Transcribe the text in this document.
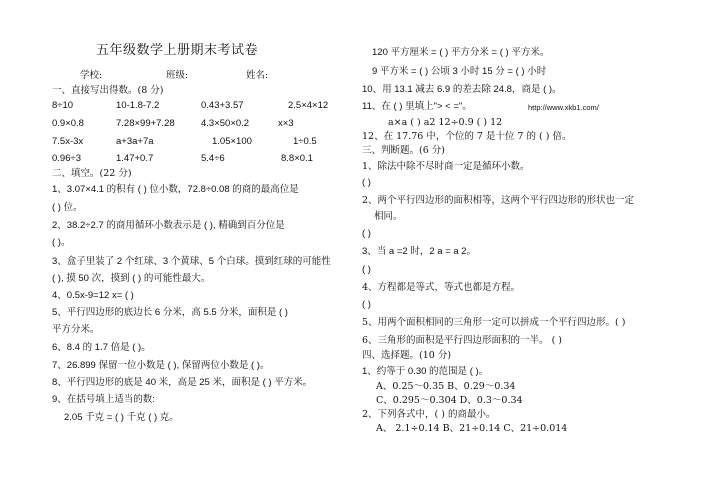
五年级数学上册期末考试卷
学校:	班级:	姓名:
一、直接写出得数。(8 分)
8÷10	10-1.8-7.2	0.43+3.57	2.5×4×12
0.9×0.8	7.28×99+7.28	4.3×50×0.2	x×3
7.5x-3x	a+3a+7a	1.05×100	1÷0.5
0.96÷3	1.47+0.7	5.4÷6	8.8×0.1
二、填空。(22 分)
1、3.07×4.1 的积有 ( ) 位小数，72.8÷0.08 的商的最高位是
( ) 位。
2、38.2÷2.7 的商用循环小数表示是 ( ), 精确到百分位是
( )。
3、盒子里装了 2 个红球、3 个黄球、5 个白球。摸到红球的可能性
( ), 摸 50 次，摸到 ( ) 的可能性最大。
4、0.5x-9=12 x= ( )
5、平行四边形的底边长 6 分米，高 5.5 分米，面积是 ( )
平方分米。
6、8.4 的 1.7 倍是 ( )。
7、26.899 保留一位小数是 ( ), 保留两位小数是 ( )。
8、平行四边形的底是 40 米，高是 25 米，面积是 ( ) 平方米。
9、在括号填上适当的数:
2.05 千克 = ( ) 千克 ( ) 克。
120 平方厘米 = ( ) 平方分米 = ( ) 平方米。
9 平方米 = ( ) 公顷 3 小时 15 分 = ( ) 小时
10、用 13.1 减去 6.9 的差去除 24.8，商是 ( )。
11、在 ( ) 里填上"> < ="。	http://www.xkb1.com/
a×a ( ) a2 12÷0.9 ( ) 12
12、在 17.76 中，个位的 7 是十位 7 的 ( ) 倍。
三、判断题。(6 分)
1、除法中除不尽时商一定是循环小数。
( )
2、两个平行四边形的面积相等，这两个平行四边形的形状也一定
相同。
( )
3、当 a =2 时，2 a = a 2。
( )
4、方程都是等式，等式也都是方程。
( )
5、用两个面积相同的三角形一定可以拼成一个平行四边形。( )
6、三角形的面积是平行四边形面积的一半。 ( )
四、选择题。(10 分)
1、约等于 0.30 的范围是 ( )。
A、0.25～0.35 B、0.29～0.34
C、0.295～0.304 D、0.3～0.34
2、下列各式中，( ) 的商最小。
A、 2.1÷0.14 B、21÷0.14 C、21÷0.014
